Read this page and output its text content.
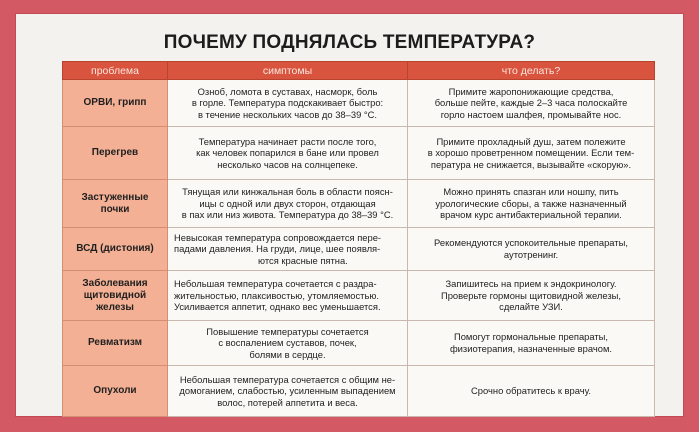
ПОЧЕМУ ПОДНЯЛАСЬ ТЕМПЕРАТУРА?
проблема	симптомы	что делать?
ОРВИ, грипп	Озноб, ломота в суставах, насморк, боль
в горле. Температура подскакивает быстро:
в течение нескольких часов до 38–39 °С.	Примите жаропонижающие средства,
больше пейте, каждые 2–3 часа полоскайте
горло настоем шалфея, промывайте нос.
Перегрев	Температура начинает расти после того,
как человек попарился в бане или провел
несколько часов на солнцепеке.	Примите прохладный душ, затем полежите
в хорошо проветренном помещении. Если тем-
пература не снижается, вызывайте «скорую».
Застуженные
почки	Тянущая или кинжальная боль в области поясн-
ицы с одной или двух сторон, отдающая
в пах или низ живота. Температура до 38–39 °С.	Можно принять спазган или ношпу, пить
урологические сборы, а также назначенный
врачом курс антибактериальной терапии.
ВСД (дистония)	Невысокая температура сопровождается пере-
падами давления. На груди, лице, шее появля-
ются красные пятна.	Рекомендуются успокоительные препараты,
аутотренинг.
Заболевания
щитовидной
железы	Небольшая температура сочетается с раздра-
жительностью, плаксивостью, утомляемостью.
Усиливается аппетит, однако вес уменьшается.	Запишитесь на прием к эндокринологу.
Проверьте гормоны щитовидной железы,
сделайте УЗИ.
Ревматизм	Повышение температуры сочетается
с воспалением суставов, почек,
болями в сердце.	Помогут гормональные препараты,
физиотерапия, назначенные врачом.
Опухоли	Небольшая температура сочетается с общим не-
домоганием, слабостью, усиленным выпадением
волос, потерей аппетита и веса.	Срочно обратитесь к врачу.
